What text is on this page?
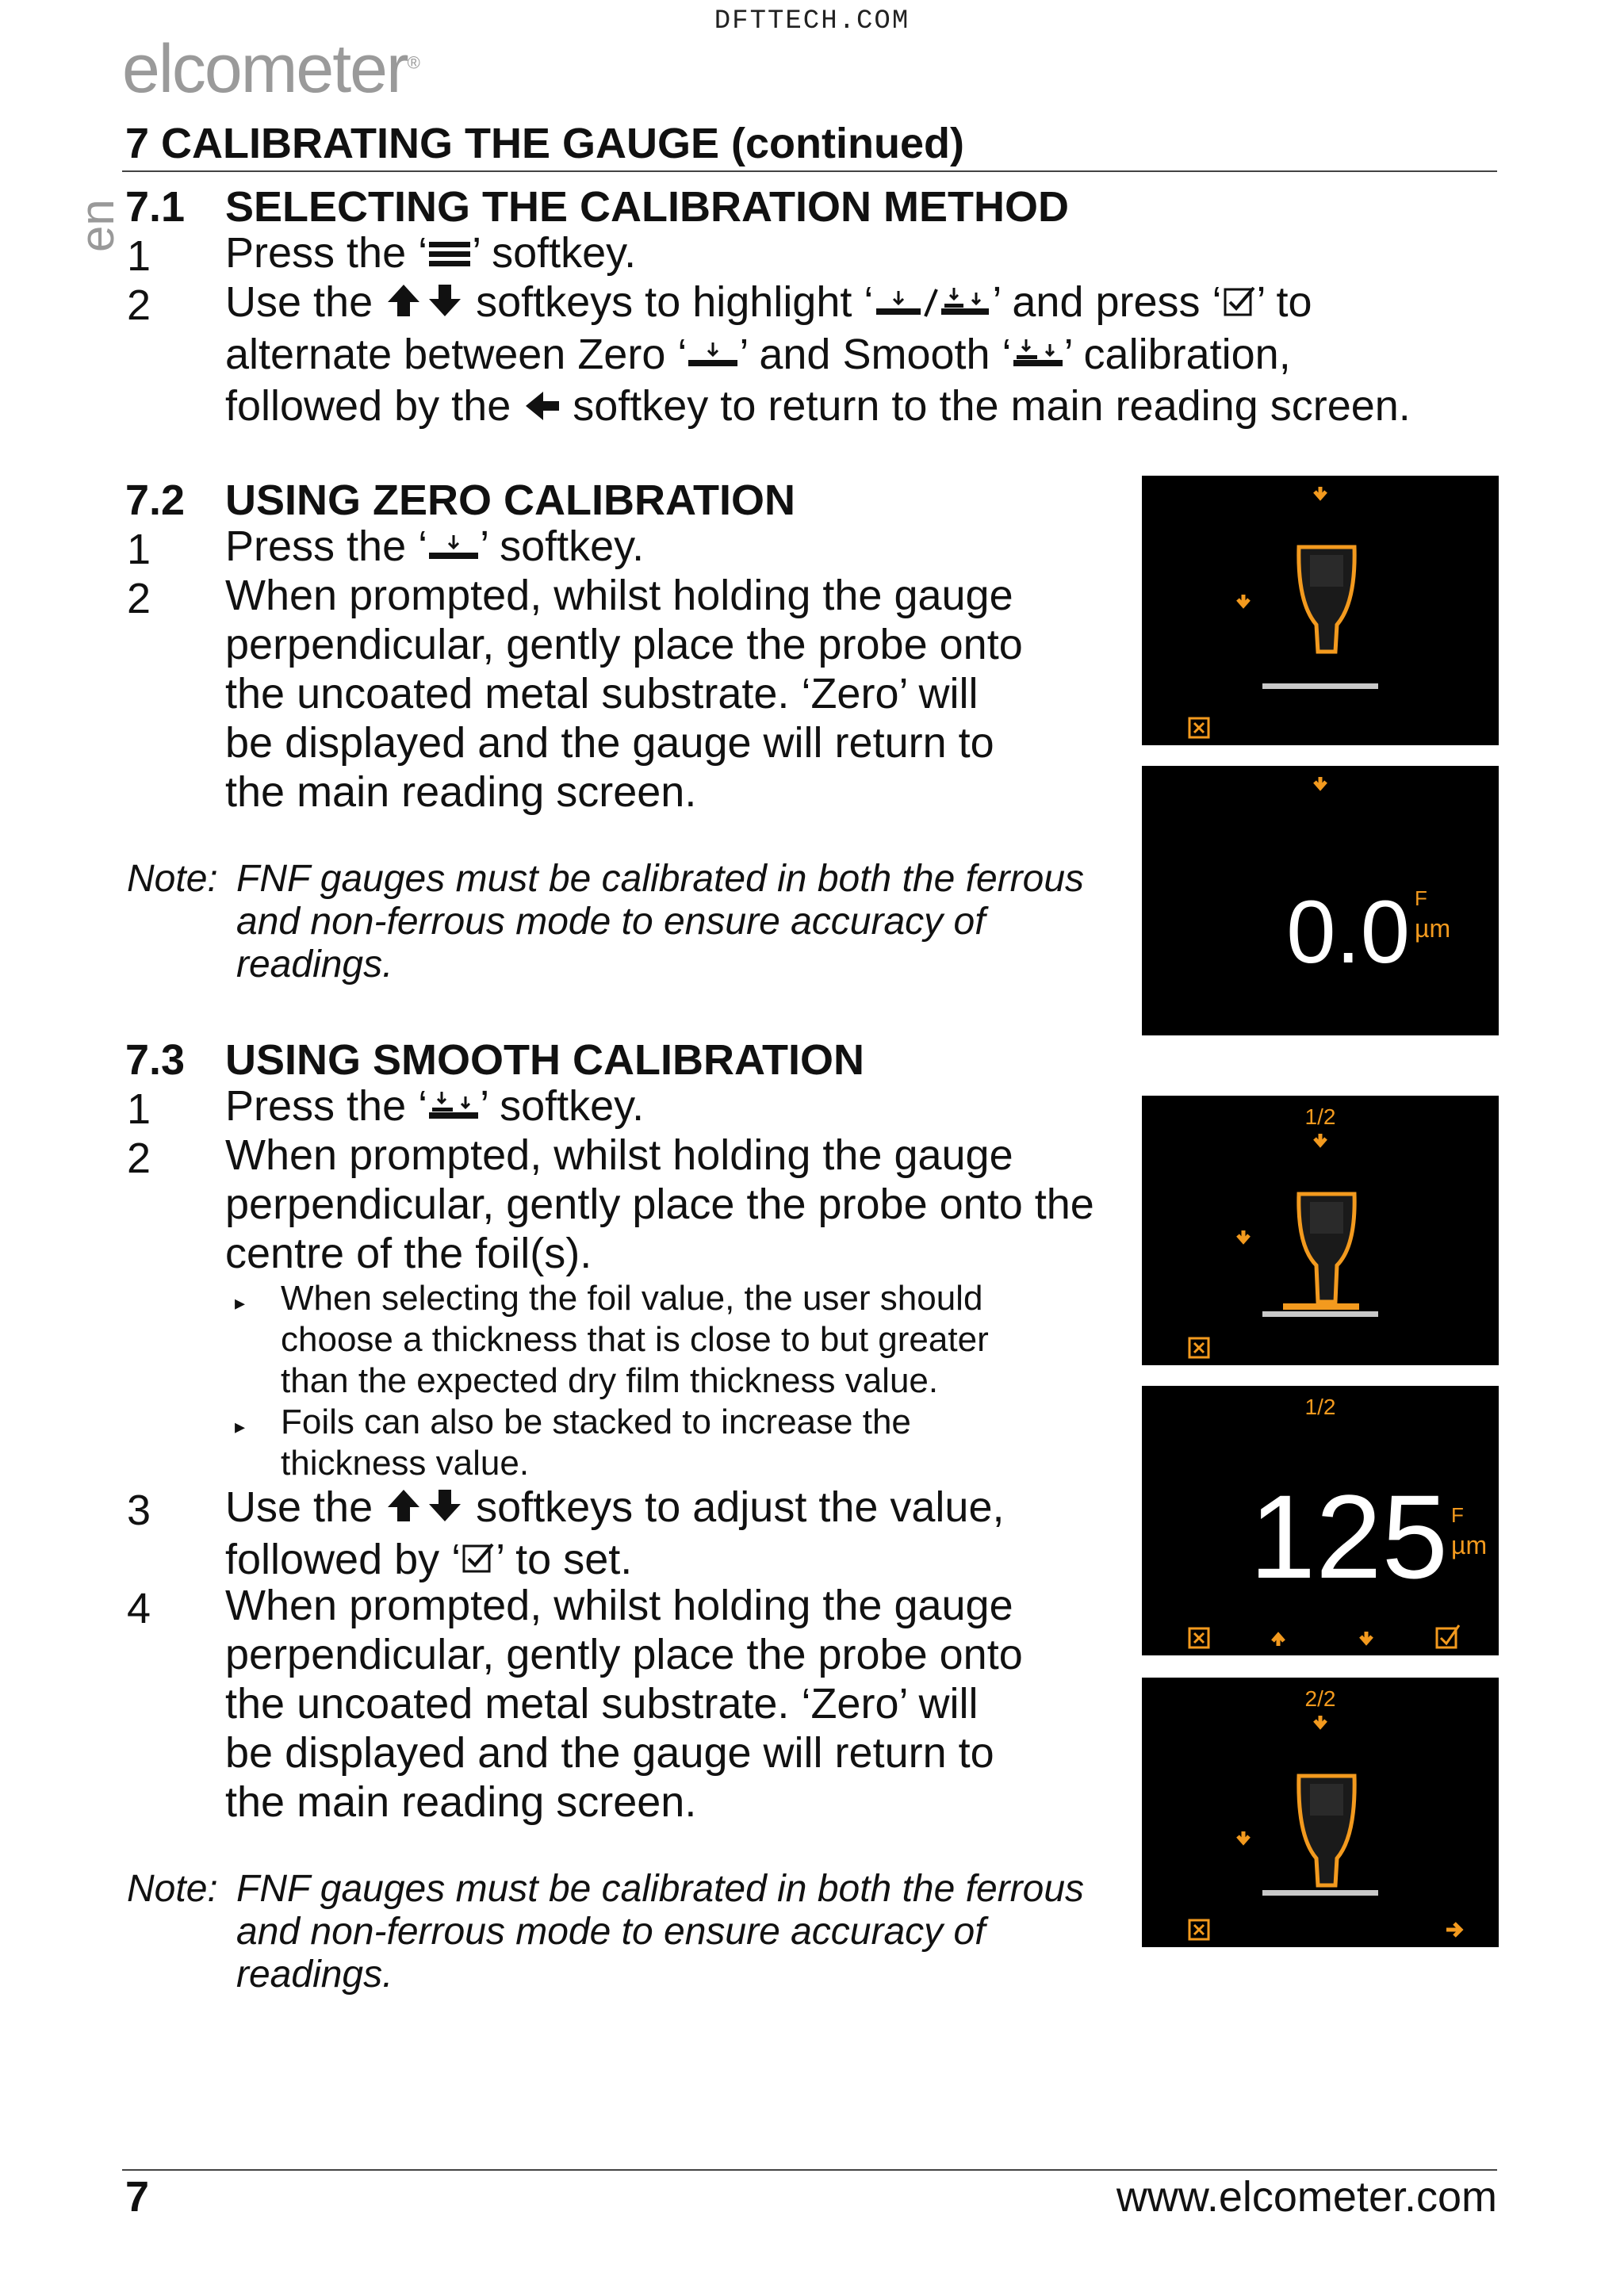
DFTTECH.COM
elcometer®
en
7 CALIBRATING THE GAUGE (continued)
7.1 SELECTING THE CALIBRATION METHOD
1 Press the ‘ ’ softkey.
2 Use the  softkeys to highlight ‘	’ and press ‘ ’ to
alternate between Zero ‘ ’ and Smooth ‘ ’ calibration,
followed by the  softkey to return to the main reading screen.
7.2 USING ZERO CALIBRATION
1 Press the ‘ ’ softkey.
2 When prompted, whilst holding the gauge
perpendicular, gently place the probe onto
the uncoated metal substrate. ‘Zero’ will
be displayed and the gauge will return to
the main reading screen.
Note: FNF gauges must be calibrated in both the ferrous
and non-ferrous mode to ensure accuracy of
readings.
7.3 USING SMOOTH CALIBRATION
1 Press the ‘ ’ softkey.
2 When prompted, whilst holding the gauge
perpendicular, gently place the probe onto the
centre of the foil(s).
▸ When selecting the foil value, the user should
choose a thickness that is close to but greater
than the expected dry film thickness value.
▸ Foils can also be stacked to increase the
thickness value.
3 Use the  softkeys to adjust the value,
followed by ‘ ’ to set.
4 When prompted, whilst holding the gauge
perpendicular, gently place the probe onto
the uncoated metal substrate. ‘Zero’ will
be displayed and the gauge will return to
the main reading screen.
Note: FNF gauges must be calibrated in both the ferrous
and non-ferrous mode to ensure accuracy of
readings.
0.0 F
µm
1/2
1/2
125 F
µm
2/2
7	www.elcometer.com
